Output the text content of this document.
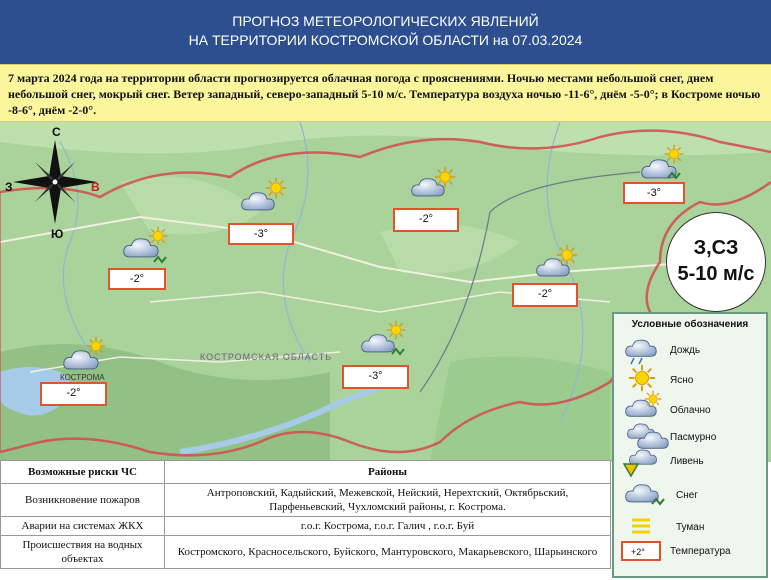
ПРОГНОЗ МЕТЕОРОЛОГИЧЕСКИХ ЯВЛЕНИЙ
НА ТЕРРИТОРИИ КОСТРОМСКОЙ ОБЛАСТИ на 07.03.2024
7 марта 2024 года на территории области прогнозируется облачная погода с прояснениями. Ночью местами небольшой снег, днем небольшой снег, мокрый снег. Ветер западный, северо-западный 5-10 м/с. Температура воздуха ночью -11-6°, днём -5-0°; в Костроме ночью -8-6°, днём -2-0°.
С
Ю
З	В
КОСТРОМСКАЯ ОБЛАСТЬ
КОСТРОМА
-2°
-3°
-2°
-3°
-2°
-3°
-2°
З,СЗ
5-10 м/с
Условные обозначения
+2°
Дождь
Ясно
Облачно
Пасмурно
Ливень
Снег
Туман
Температура
Возможные риски ЧС	Районы
Возникновение пожаров	Антроповский, Кадыйский, Межевской, Нейский, Нерехтский, Октябрьский, Парфеньевский, Чухломский районы, г. Кострома.
Аварии на системах ЖКХ	г.о.г. Кострома, г.о.г. Галич , г.о.г. Буй
Происшествия на водных объектах	Костромского, Красносельского, Буйского, Мантуровского, Макарьевского, Шарьинского
